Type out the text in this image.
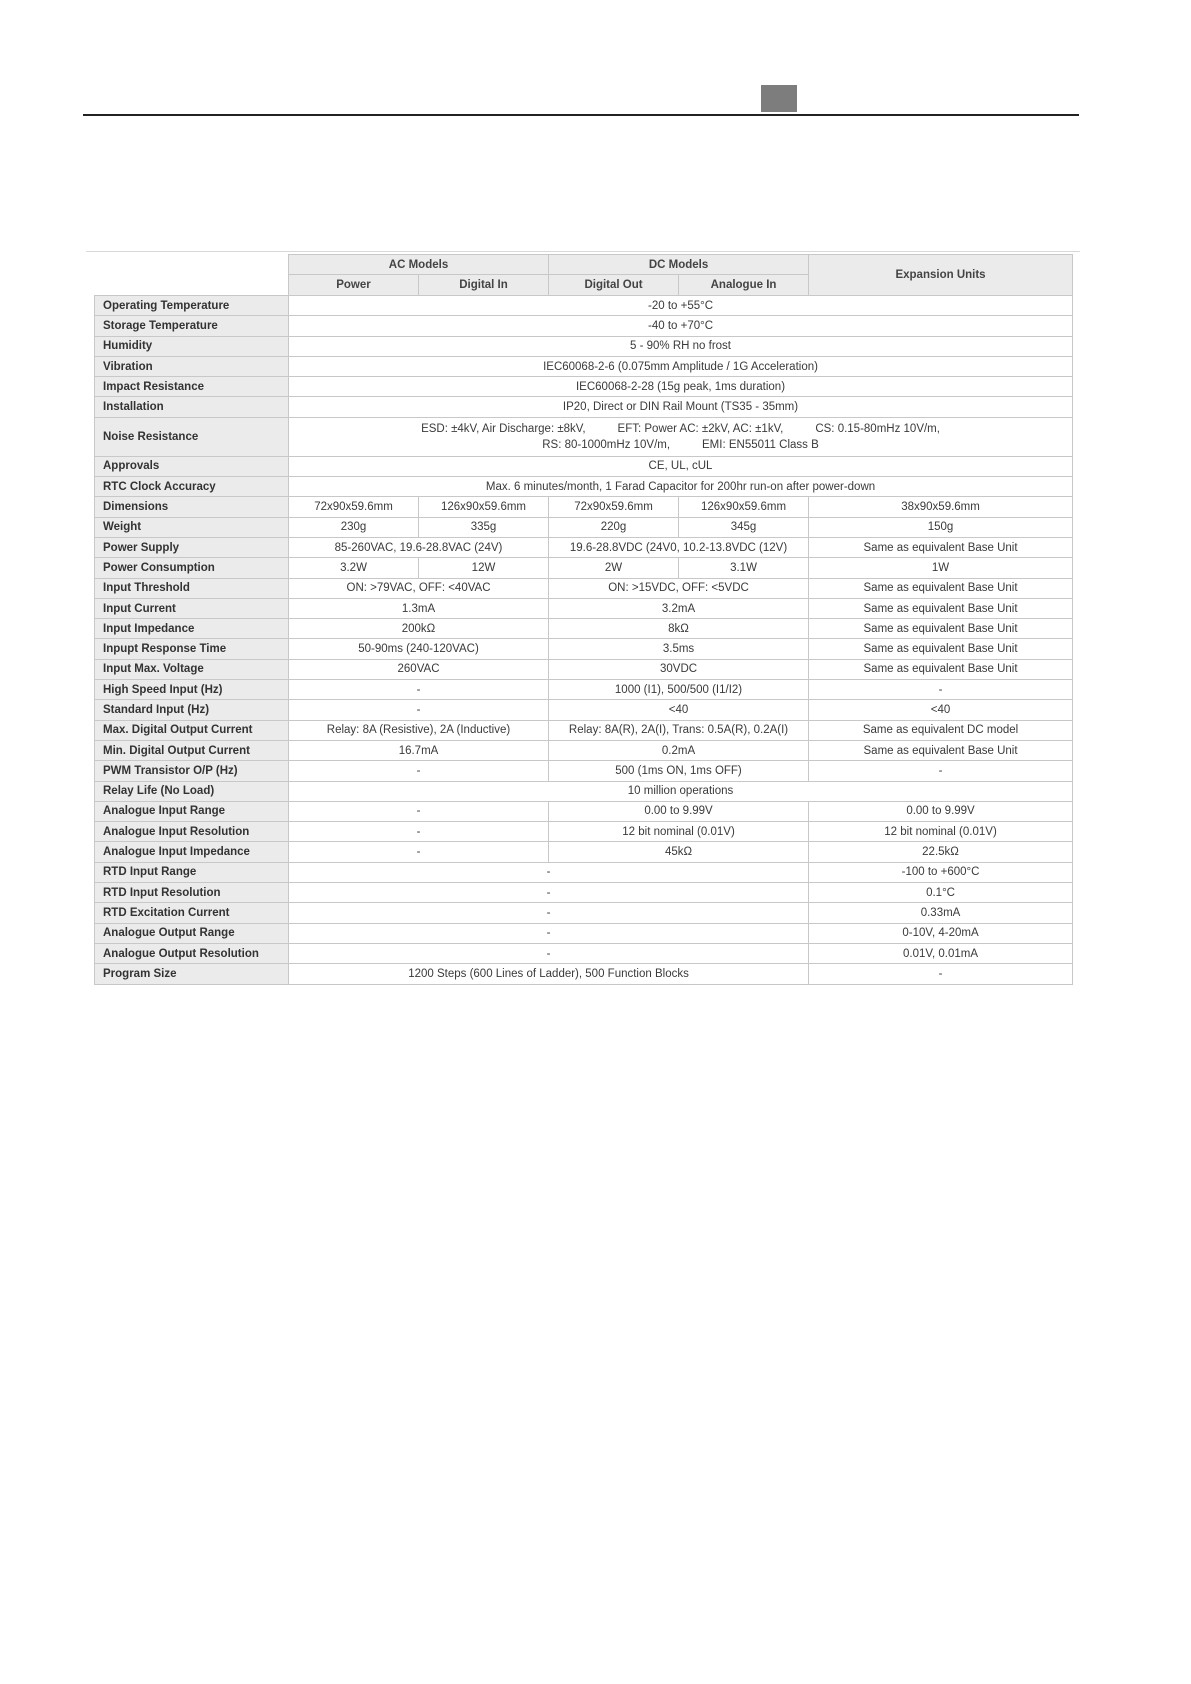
	AC Models		DC Models		Expansion Units
	Power	Digital In	Digital Out	Analogue In	
Operating Temperature	-20 to +55°C				
Storage Temperature	-40 to +70°C				
Humidity	5 - 90% RH no frost				
Vibration	IEC60068-2-6 (0.075mm Amplitude / 1G Acceleration)				
Impact Resistance	IEC60068-2-28 (15g peak, 1ms duration)				
Installation	IP20, Direct or DIN Rail Mount (TS35 - 35mm)				
Noise Resistance	ESD: ±4kV, Air Discharge: ±8kV,          EFT: Power AC: ±2kV, AC: ±1kV,          CS: 0.15-80mHz 10V/m,
RS: 80-1000mHz 10V/m,          EMI: EN55011 Class B				

Approvals	CE, UL, cUL				
RTC Clock Accuracy	Max. 6 minutes/month, 1 Farad Capacitor for 200hr run-on after power-down				
Dimensions	72x90x59.6mm	126x90x59.6mm	72x90x59.6mm	126x90x59.6mm	38x90x59.6mm
Weight	230g	335g	220g	345g	150g
Power Supply	85-260VAC, 19.6-28.8VAC (24V)		19.6-28.8VDC (24V0, 10.2-13.8VDC (12V)		Same as equivalent Base Unit
Power Consumption	3.2W	12W	2W	3.1W	1W
Input Threshold	ON: >79VAC, OFF: <40VAC		ON: >15VDC, OFF: <5VDC		Same as equivalent Base Unit
Input Current	1.3mA		3.2mA		Same as equivalent Base Unit
Input Impedance	200kΩ		8kΩ		Same as equivalent Base Unit
Inpupt Response Time	50-90ms (240-120VAC)		3.5ms		Same as equivalent Base Unit
Input Max. Voltage	260VAC		30VDC		Same as equivalent Base Unit
High Speed Input (Hz)	-		1000 (I1), 500/500 (I1/I2)		-
Standard Input (Hz)	-		<40		<40
Max. Digital Output Current	Relay: 8A (Resistive), 2A (Inductive)		Relay: 8A(R), 2A(I), Trans: 0.5A(R), 0.2A(I)		Same as equivalent DC model
Min. Digital Output Current	16.7mA		0.2mA		Same as equivalent Base Unit
PWM Transistor O/P (Hz)	-		500 (1ms ON, 1ms OFF)		-
Relay Life (No Load)	10 million operations				
Analogue Input Range	-		0.00 to 9.99V		0.00 to 9.99V
Analogue Input Resolution	-		12 bit nominal (0.01V)		12 bit nominal (0.01V)
Analogue Input Impedance	-		45kΩ		22.5kΩ
RTD Input Range	-				-100 to +600°C
RTD Input Resolution	-				0.1°C
RTD Excitation Current	-				0.33mA
Analogue Output Range	-				0-10V, 4-20mA
Analogue Output Resolution	-				0.01V, 0.01mA
Program Size	1200 Steps (600 Lines of Ladder), 500 Function Blocks				-
